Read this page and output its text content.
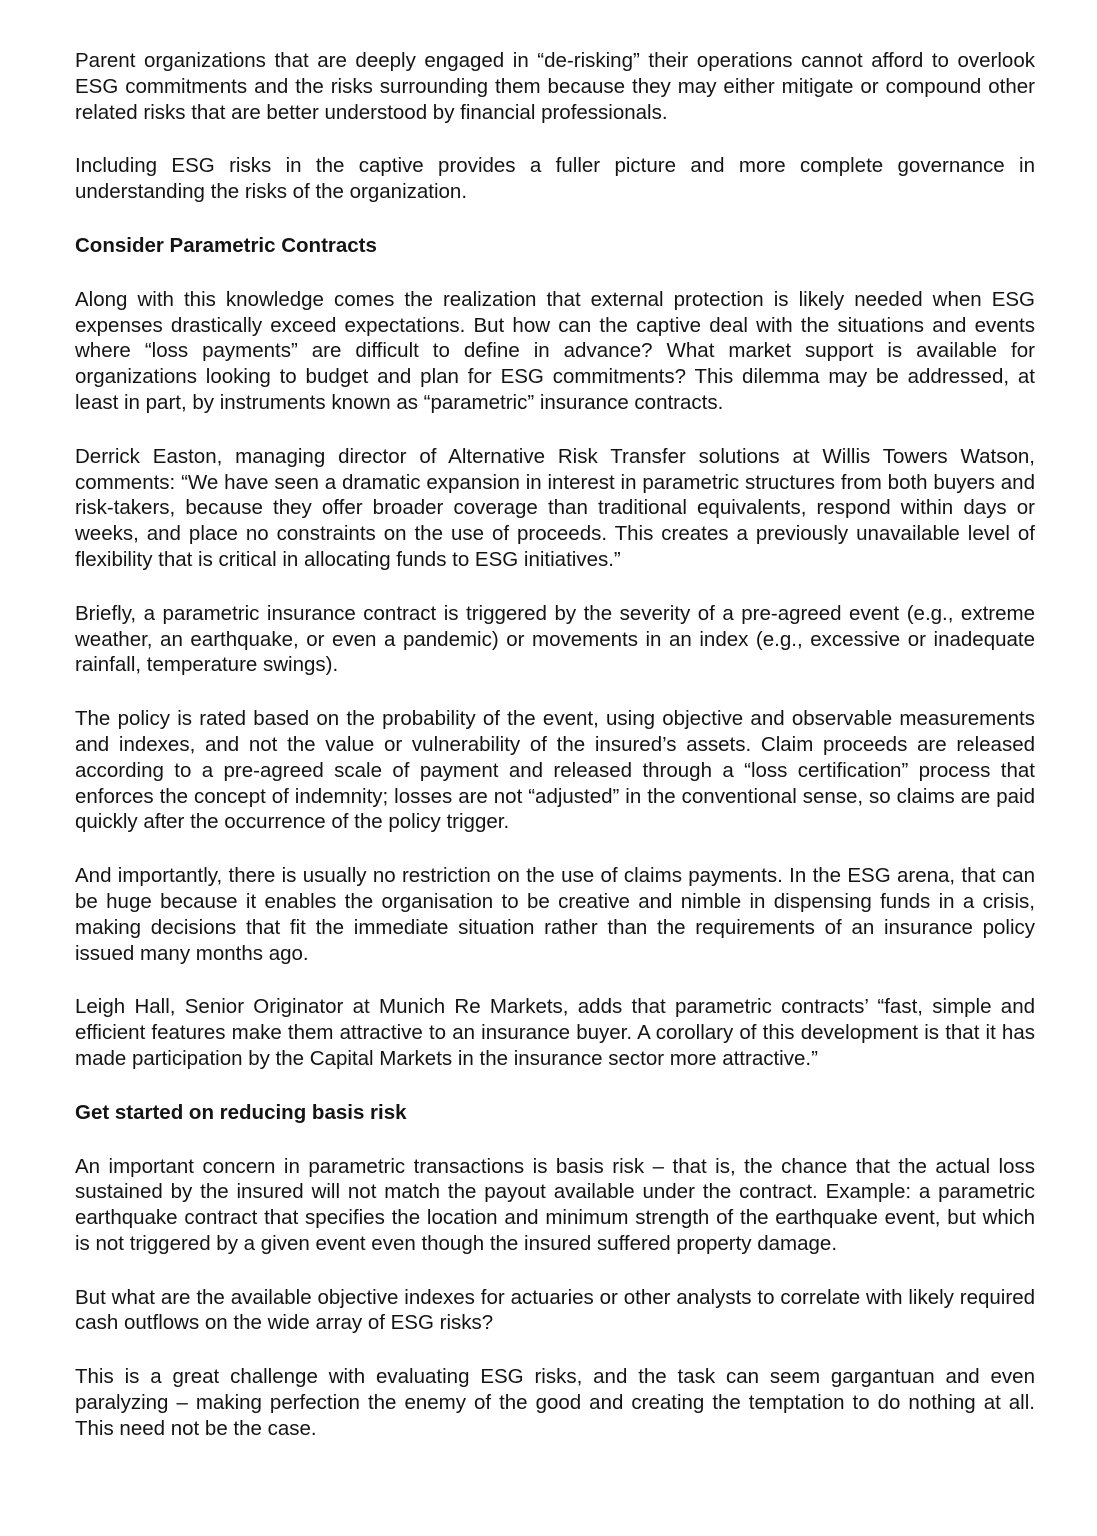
Parent organizations that are deeply engaged in “de-risking” their operations cannot afford to overlook ESG commitments and the risks surrounding them because they may either mitigate or compound other related risks that are better understood by financial professionals.

Including ESG risks in the captive provides a fuller picture and more complete governance in understanding the risks of the organization.

Consider Parametric Contracts

Along with this knowledge comes the realization that external protection is likely needed when ESG expenses drastically exceed expectations. But how can the captive deal with the situations and events where “loss payments” are difficult to define in advance? What market support is available for organizations looking to budget and plan for ESG commitments? This dilemma may be addressed, at least in part, by instruments known as “parametric” insurance contracts.

Derrick Easton, managing director of Alternative Risk Transfer solutions at Willis Towers Watson, comments: “We have seen a dramatic expansion in interest in parametric structures from both buyers and risk-takers, because they offer broader coverage than traditional equivalents, respond within days or weeks, and place no constraints on the use of proceeds. This creates a previously unavailable level of flexibility that is critical in allocating funds to ESG initiatives.”

Briefly, a parametric insurance contract is triggered by the severity of a pre-agreed event (e.g., extreme weather, an earthquake, or even a pandemic) or movements in an index (e.g., excessive or inadequate rainfall, temperature swings).

The policy is rated based on the probability of the event, using objective and observable measurements and indexes, and not the value or vulnerability of the insured’s assets. Claim proceeds are released according to a pre-agreed scale of payment and released through a “loss certification” process that enforces the concept of indemnity; losses are not “adjusted” in the conventional sense, so claims are paid quickly after the occurrence of the policy trigger.

And importantly, there is usually no restriction on the use of claims payments. In the ESG arena, that can be huge because it enables the organisation to be creative and nimble in dispensing funds in a crisis, making decisions that fit the immediate situation rather than the requirements of an insurance policy issued many months ago.

Leigh Hall, Senior Originator at Munich Re Markets, adds that parametric contracts’ “fast, simple and efficient features make them attractive to an insurance buyer. A corollary of this development is that it has made participation by the Capital Markets in the insurance sector more attractive.”

Get started on reducing basis risk

An important concern in parametric transactions is basis risk – that is, the chance that the actual loss sustained by the insured will not match the payout available under the contract. Example: a parametric earthquake contract that specifies the location and minimum strength of the earthquake event, but which is not triggered by a given event even though the insured suffered property damage.

But what are the available objective indexes for actuaries or other analysts to correlate with likely required cash outflows on the wide array of ESG risks?

This is a great challenge with evaluating ESG risks, and the task can seem gargantuan and even paralyzing – making perfection the enemy of the good and creating the temptation to do nothing at all. This need not be the case.
